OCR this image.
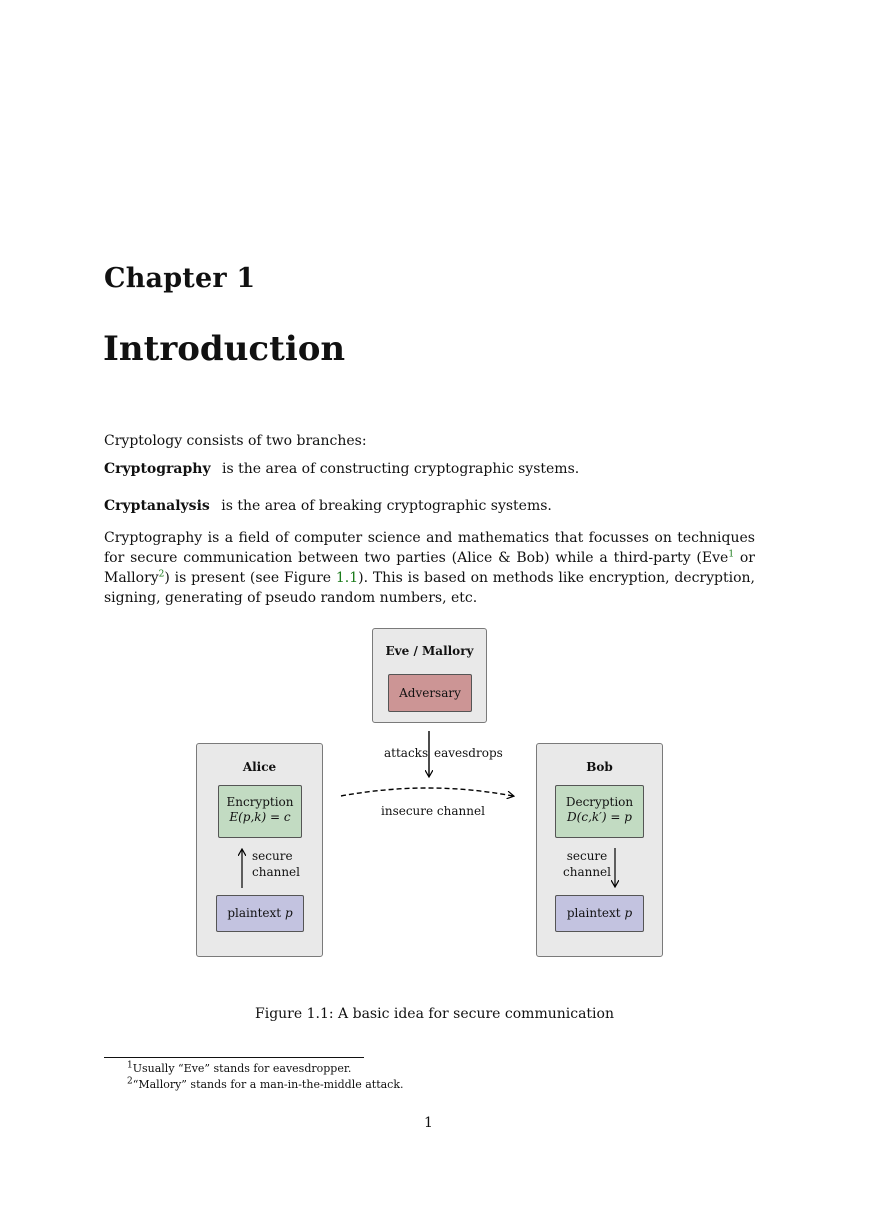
Chapter 1
Introduction
Cryptology consists of two branches:
Cryptography is the area of constructing cryptographic systems.
Cryptanalysis is the area of breaking cryptographic systems.
Cryptography is a field of computer science and mathematics that focusses on techniques for secure communication between two parties (Alice & Bob) while a third-party (Eve$^1$ or Mallory$^2$) is present (see Figure 1.1). This is based on methods like encryption, decryption, signing, generating of pseudo random numbers, etc.
Eve / Mallory
Adversary
Alice
Encryption
E(p,k) = c
secure
channel
plaintext p
Bob
Decryption
D(c,k′) = p
secure
channel
plaintext p
attacks eavesdrops
insecure channel
Figure 1.1: A basic idea for secure communication
$^1$Usually “Eve” stands for eavesdropper.
$^2$“Mallory” stands for a man-in-the-middle attack.
1
